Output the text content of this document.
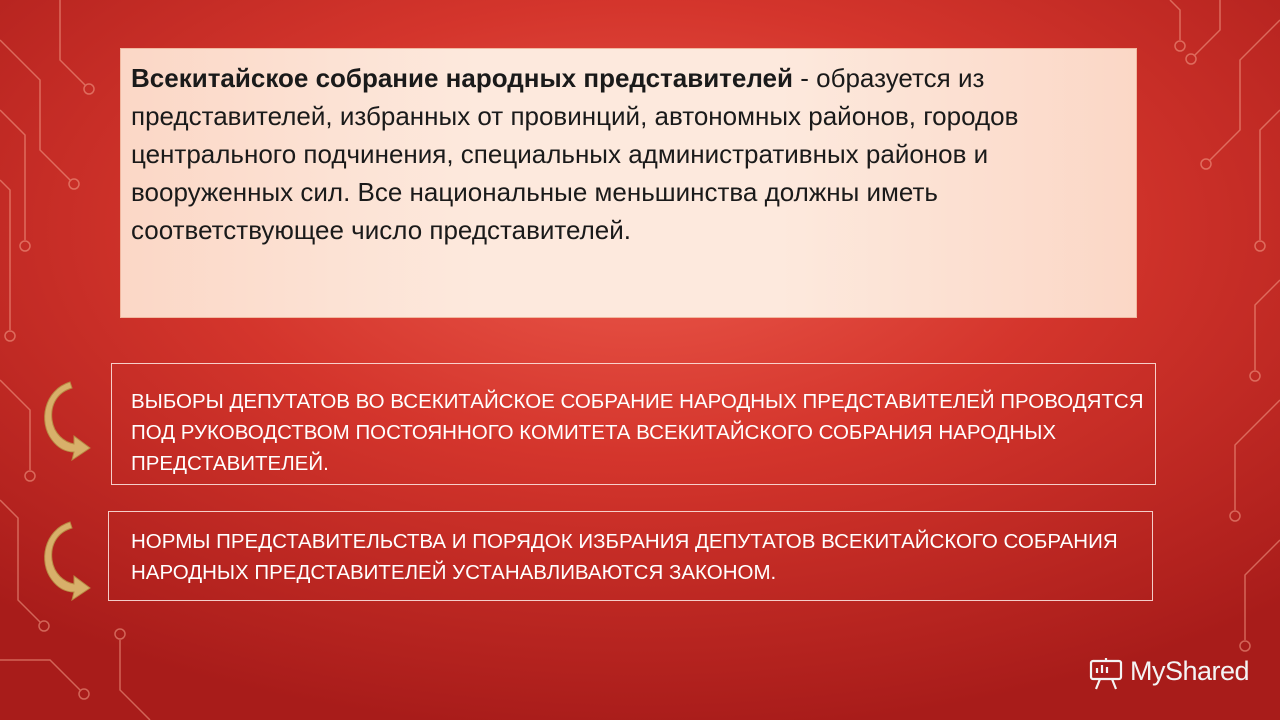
Всекитайское собрание народных представителей - образуется из представителей, избранных от провинций, автономных районов, городов центрального подчинения, специальных административных районов и вооруженных сил. Все национальные меньшинства должны иметь соответствующее число представителей.
ВЫБОРЫ ДЕПУТАТОВ ВО ВСЕКИТАЙСКОЕ СОБРАНИЕ НАРОДНЫХ ПРЕДСТАВИТЕЛЕЙ ПРОВОДЯТСЯ ПОД РУКОВОДСТВОМ ПОСТОЯННОГО КОМИТЕТА ВСЕКИТАЙСКОГО СОБРАНИЯ НАРОДНЫХ ПРЕДСТАВИТЕЛЕЙ.
НОРМЫ ПРЕДСТАВИТЕЛЬСТВА И ПОРЯДОК ИЗБРАНИЯ ДЕПУТАТОВ ВСЕКИТАЙСКОГО СОБРАНИЯ НАРОДНЫХ ПРЕДСТАВИТЕЛЕЙ УСТАНАВЛИВАЮТСЯ ЗАКОНОМ.
MyShared
